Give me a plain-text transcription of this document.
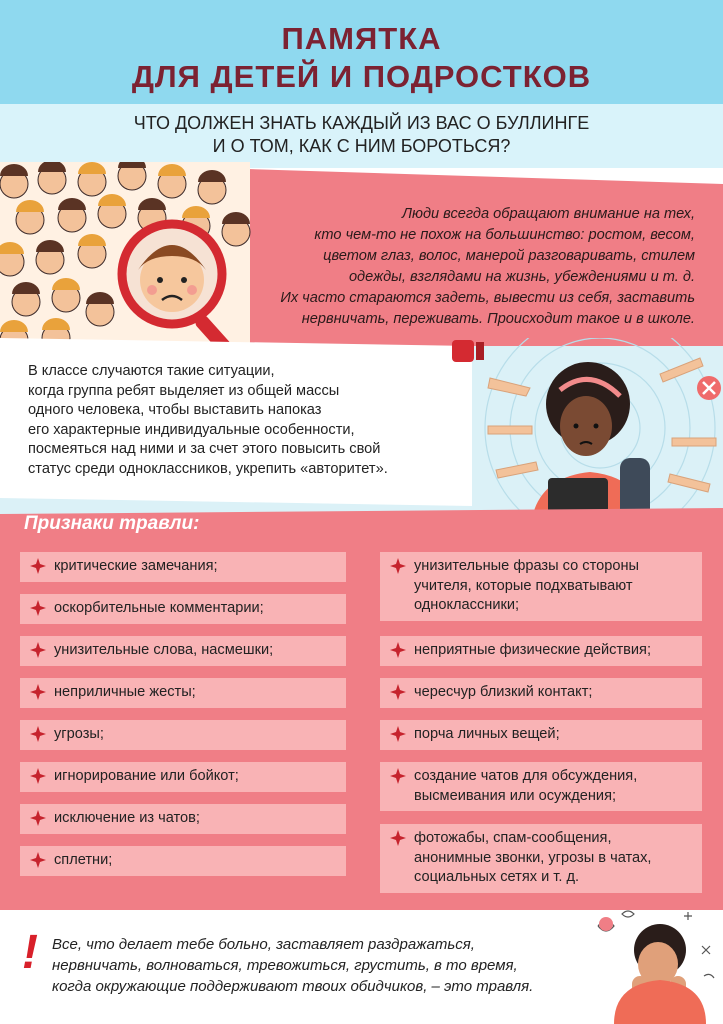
ПАМЯТКА
ДЛЯ ДЕТЕЙ И ПОДРОСТКОВ
ЧТО ДОЛЖЕН ЗНАТЬ КАЖДЫЙ ИЗ ВАС О БУЛЛИНГЕ
И О ТОМ, КАК С НИМ БОРОТЬСЯ?
Люди всегда обращают внимание на тех,
кто чем-то не похож на большинство: ростом, весом,
цветом глаз, волос, манерой разговаривать, стилем
одежды, взглядами на жизнь, убеждениями и т. д.
Их часто стараются задеть, вывести из себя, заставить
нервничать, переживать. Происходит такое и в школе.
В классе случаются такие ситуации,
когда группа ребят выделяет из общей массы
одного человека, чтобы выставить напоказ
его характерные индивидуальные особенности,
посмеяться над ними и за счет этого повысить свой
статус среди одноклассников, укрепить «авторитет».
Признаки травли:
критические замечания;
оскорбительные комментарии;
унизительные слова, насмешки;
неприличные жесты;
угрозы;
игнорирование или бойкот;
исключение из чатов;
сплетни;
унизительные фразы со стороны
учителя, которые подхватывают
одноклассники;
неприятные физические действия;
чересчур близкий контакт;
порча личных вещей;
создание чатов для обсуждения,
высмеивания или осуждения;
фотожабы, спам-сообщения,
анонимные звонки, угрозы в чатах,
социальных сетях и т. д.
! Все, что делает тебе больно, заставляет раздражаться,
нервничать, волноваться, тревожиться, грустить, в то время,
когда окружающие поддерживают твоих обидчиков, – это травля.
